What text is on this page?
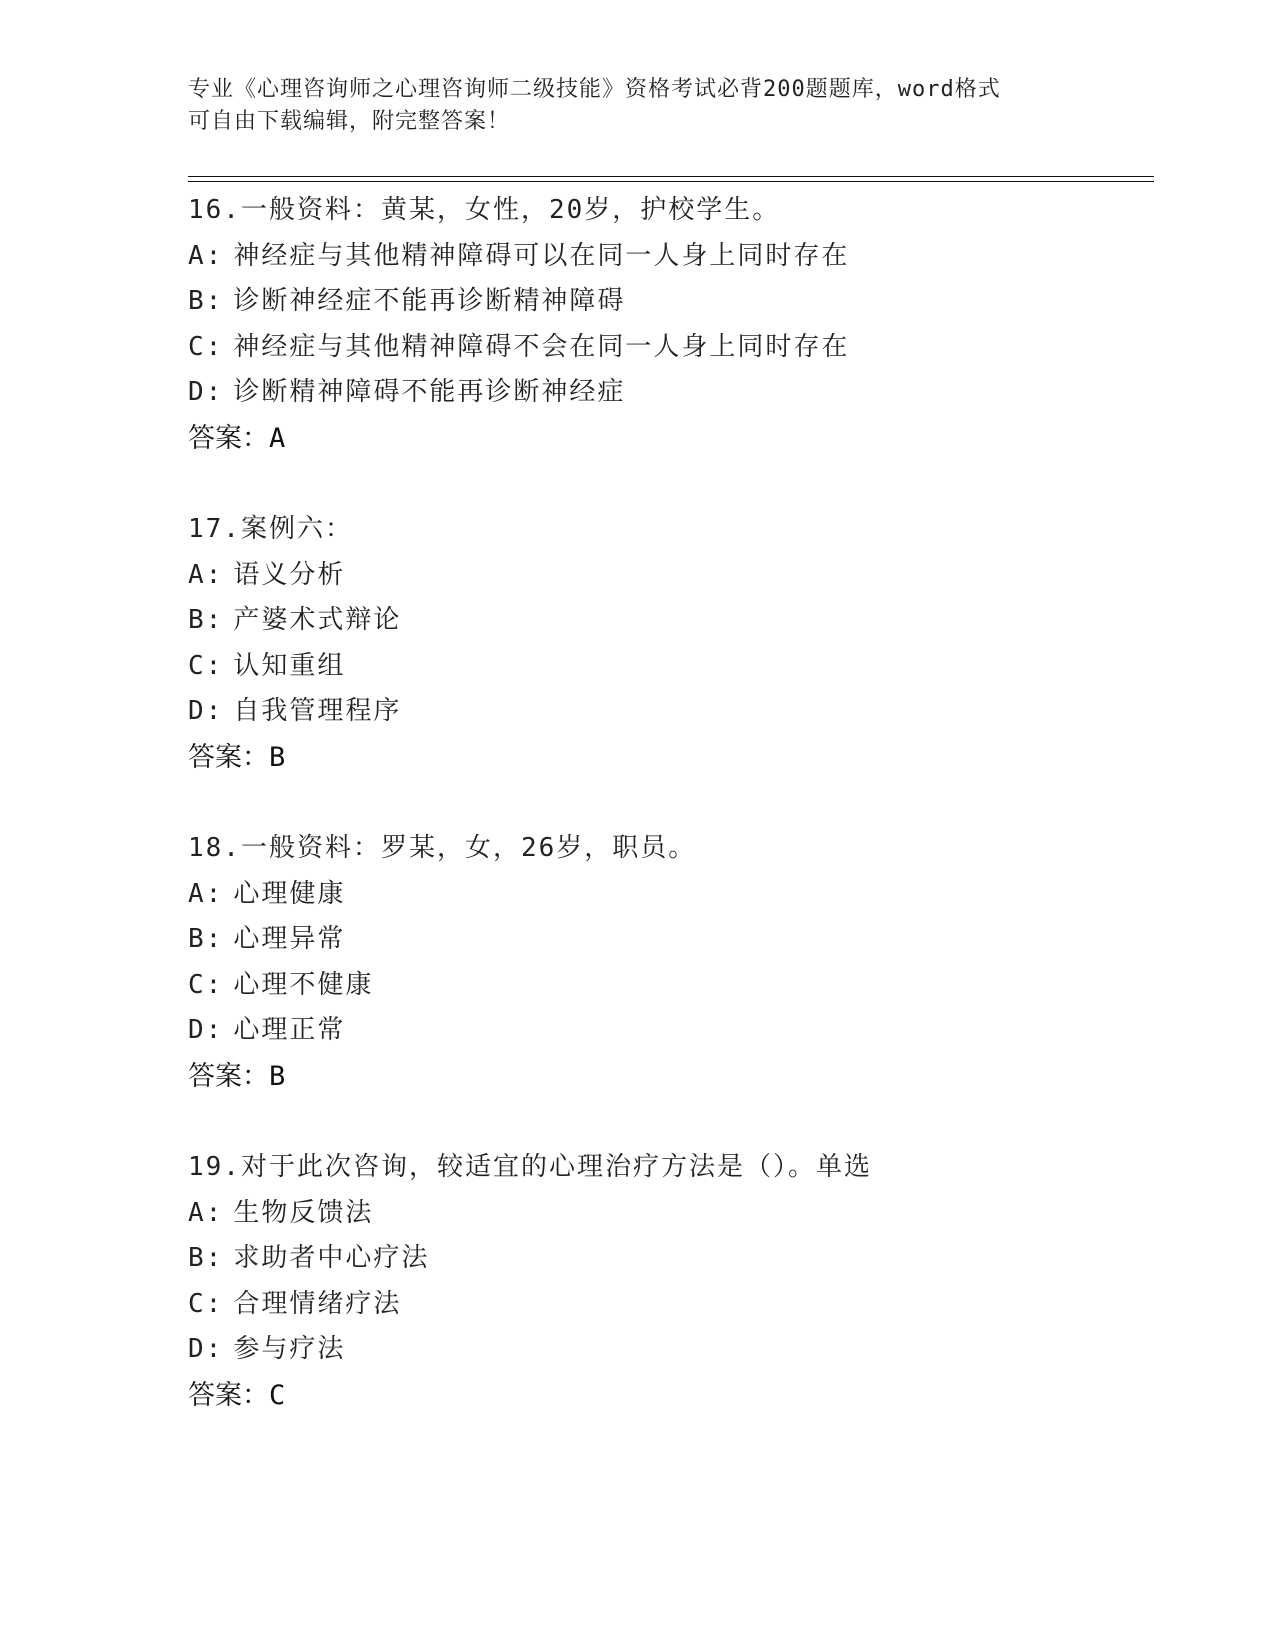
专业《心理咨询师之心理咨询师二级技能》资格考试必背200题题库，word格式
可自由下载编辑，附完整答案！
16.一般资料：黄某，女性，20岁，护校学生。
A: 神经症与其他精神障碍可以在同一人身上同时存在
B: 诊断神经症不能再诊断精神障碍
C: 神经症与其他精神障碍不会在同一人身上同时存在
D: 诊断精神障碍不能再诊断神经症
答案：A
17.案例六：
A: 语义分析
B: 产婆术式辩论
C: 认知重组
D: 自我管理程序
答案：B
18.一般资料：罗某，女，26岁，职员。
A: 心理健康
B: 心理异常
C: 心理不健康
D: 心理正常
答案：B
19.对于此次咨询，较适宜的心理治疗方法是（）。单选
A: 生物反馈法
B: 求助者中心疗法
C: 合理情绪疗法
D: 参与疗法
答案：C
